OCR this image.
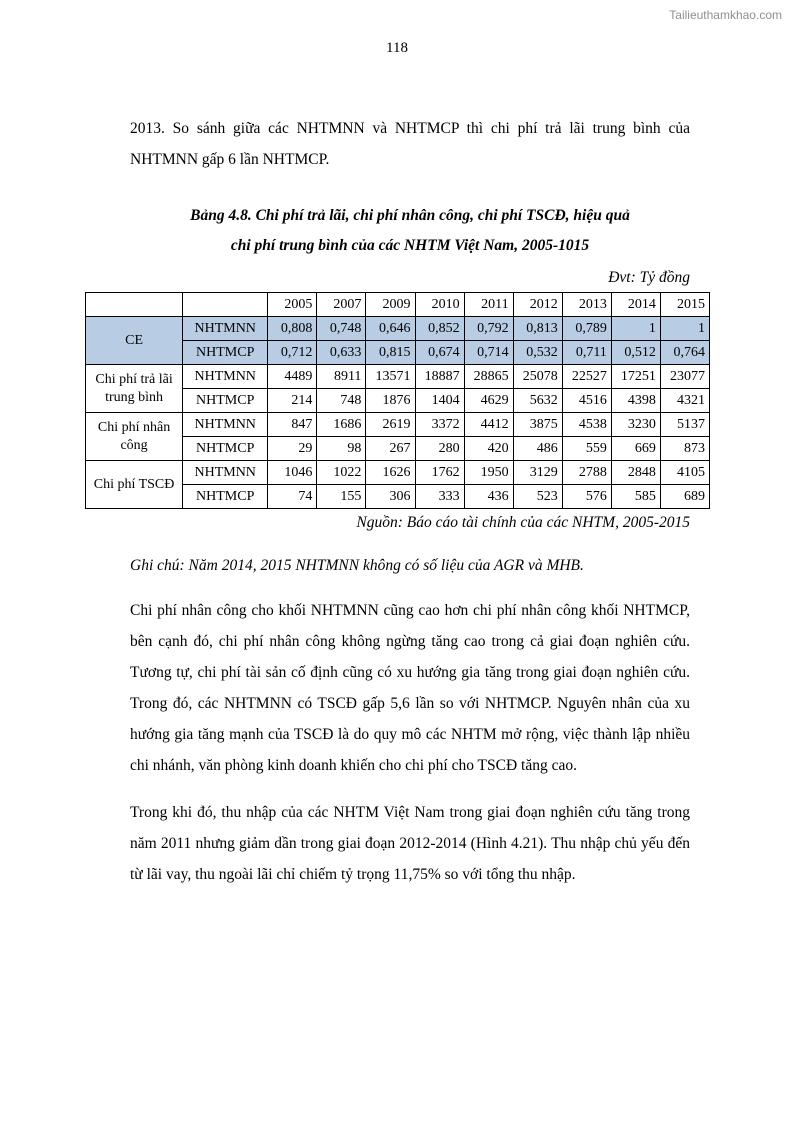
Tailieuthamkhao.com
118

2013. So sánh giữa các NHTMNN và NHTMCP thì chi phí trả lãi trung bình của NHTMNN gấp 6 lần NHTMCP.

Bảng 4.8. Chi phí trả lãi, chi phí nhân công, chi phí TSCĐ, hiệu quả
chi phí trung bình của các NHTM Việt Nam, 2005-1015
Đvt: Tỷ đồng
		2005	2007	2009	2010	2011	2012	2013	2014	2015
CE	NHTMNN	0,808	0,748	0,646	0,852	0,792	0,813	0,789	1	1
	NHTMCP	0,712	0,633	0,815	0,674	0,714	0,532	0,711	0,512	0,764
Chi phí trả lãi trung bình	NHTMNN	4489	8911	13571	18887	28865	25078	22527	17251	23077
	NHTMCP	214	748	1876	1404	4629	5632	4516	4398	4321
Chi phí nhân công	NHTMNN	847	1686	2619	3372	4412	3875	4538	3230	5137
	NHTMCP	29	98	267	280	420	486	559	669	873
Chi phí TSCĐ	NHTMNN	1046	1022	1626	1762	1950	3129	2788	2848	4105
	NHTMCP	74	155	306	333	436	523	576	585	689
Nguồn: Báo cáo tài chính của các NHTM, 2005-2015

Ghi chú: Năm 2014, 2015 NHTMNN không có số liệu của AGR và MHB.

Chi phí nhân công cho khối NHTMNN cũng cao hơn chi phí nhân công khối NHTMCP, bên cạnh đó, chi phí nhân công không ngừng tăng cao trong cả giai đoạn nghiên cứu. Tương tự, chi phí tài sản cố định cũng có xu hướng gia tăng trong giai đoạn nghiên cứu. Trong đó, các NHTMNN có TSCĐ gấp 5,6 lần so với NHTMCP. Nguyên nhân của xu hướng gia tăng mạnh của TSCĐ là do quy mô các NHTM mở rộng, việc thành lập nhiều chi nhánh, văn phòng kinh doanh khiến cho chi phí cho TSCĐ tăng cao.

Trong khi đó, thu nhập của các NHTM Việt Nam trong giai đoạn nghiên cứu tăng trong năm 2011 nhưng giảm dần trong giai đoạn 2012-2014 (Hình 4.21). Thu nhập chủ yếu đến từ lãi vay, thu ngoài lãi chỉ chiếm tỷ trọng 11,75% so với tổng thu nhập.
